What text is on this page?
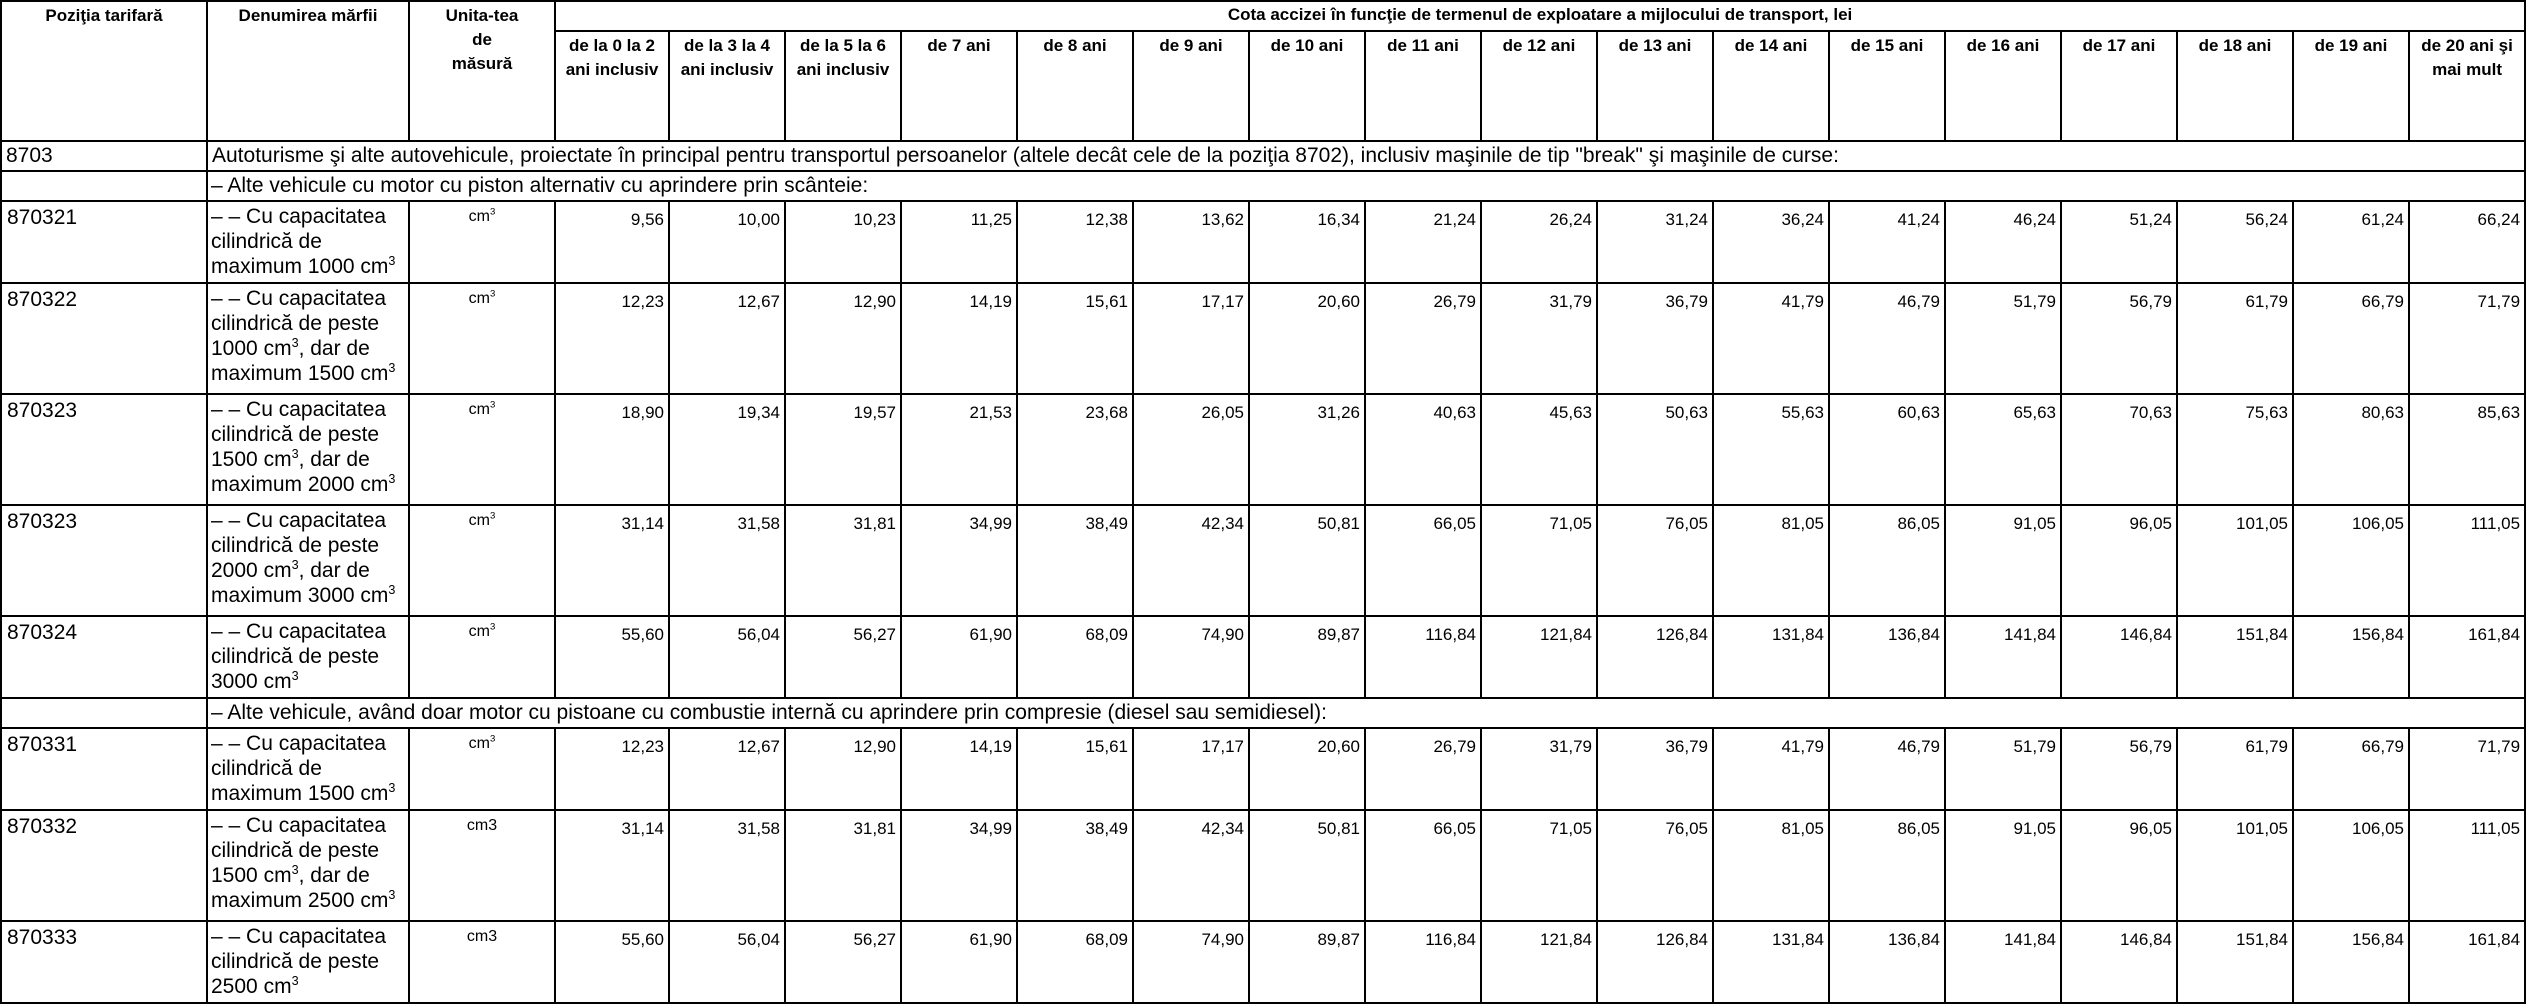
Poziţia tarifară	Denumirea mărfii	Unita-tea de măsură	Cota accizei în funcţie de termenul de exploatare a mijlocului de transport, lei																
			de la 0 la 2 ani inclusiv	de la 3 la 4 ani inclusiv	de la 5 la 6 ani inclusiv	de 7 ani	de 8 ani	de 9 ani	de 10 ani	de 11 ani	de 12 ani	de 13 ani	de 14 ani	de 15 ani	de 16 ani	de 17 ani	de 18 ani	de 19 ani	de 20 ani şi mai mult
8703	Autoturisme şi alte autovehicule, proiectate în principal pentru transportul persoanelor (altele decât cele de la poziţia 8702), inclusiv maşinile de tip "break" şi maşinile de curse:																		
	– Alte vehicule cu motor cu piston alternativ cu aprindere prin scânteie:																		
870321	– – Cu capacitatea
cilindrică de
maximum 1000 $cm^3$	$cm^3$	9,56	10,00	10,23	11,25	12,38	13,62	16,34	21,24	26,24	31,24	36,24	41,24	46,24	51,24	56,24	61,24	66,24
870322	– – Cu capacitatea
cilindrică de peste
1000 $cm^3$, dar de
maximum 1500 $cm^3$	$cm^3$	12,23	12,67	12,90	14,19	15,61	17,17	20,60	26,79	31,79	36,79	41,79	46,79	51,79	56,79	61,79	66,79	71,79
870323	– – Cu capacitatea
cilindrică de peste
1500 $cm^3$, dar de
maximum 2000 $cm^3$	$cm^3$	18,90	19,34	19,57	21,53	23,68	26,05	31,26	40,63	45,63	50,63	55,63	60,63	65,63	70,63	75,63	80,63	85,63
870323	– – Cu capacitatea
cilindrică de peste
2000 $cm^3$, dar de
maximum 3000 $cm^3$	$cm^3$	31,14	31,58	31,81	34,99	38,49	42,34	50,81	66,05	71,05	76,05	81,05	86,05	91,05	96,05	101,05	106,05	111,05
870324	– – Cu capacitatea
cilindrică de peste
3000 $cm^3$	$cm^3$	55,60	56,04	56,27	61,90	68,09	74,90	89,87	116,84	121,84	126,84	131,84	136,84	141,84	146,84	151,84	156,84	161,84
	– Alte vehicule, având doar motor cu pistoane cu combustie internă cu aprindere prin compresie (diesel sau semidiesel):																		
870331	– – Cu capacitatea
cilindrică de
maximum 1500 $cm^3$	$cm^3$	12,23	12,67	12,90	14,19	15,61	17,17	20,60	26,79	31,79	36,79	41,79	46,79	51,79	56,79	61,79	66,79	71,79
870332	– – Cu capacitatea
cilindrică de peste
1500 $cm^3$, dar de
maximum 2500 $cm^3$	cm3	31,14	31,58	31,81	34,99	38,49	42,34	50,81	66,05	71,05	76,05	81,05	86,05	91,05	96,05	101,05	106,05	111,05
870333	– – Cu capacitatea
cilindrică de peste
2500 $cm^3$	cm3	55,60	56,04	56,27	61,90	68,09	74,90	89,87	116,84	121,84	126,84	131,84	136,84	141,84	146,84	151,84	156,84	161,84
